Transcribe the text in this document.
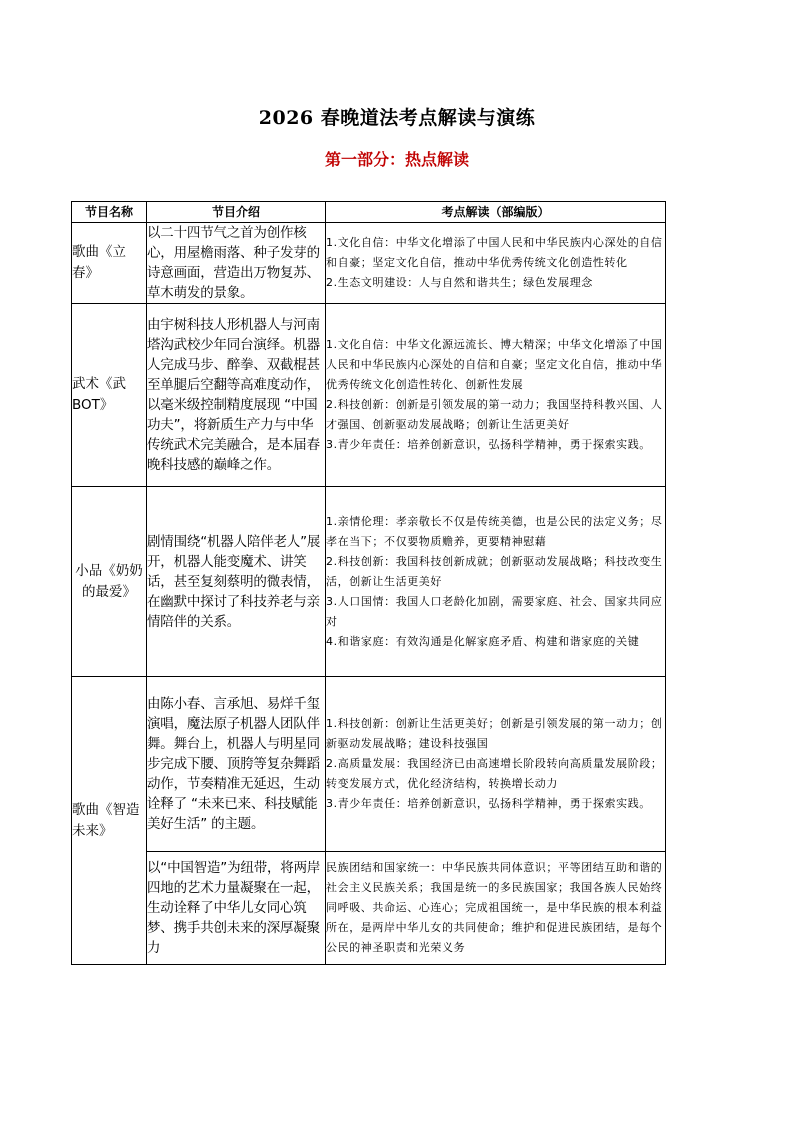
2026 春晚道法考点解读与演练
第一部分：热点解读
节目名称	节目介绍	考点解读（部编版）
歌曲《立春》	以二十四节气之首为创作核心，用屋檐雨落、种子发芽的诗意画面，营造出万物复苏、草木萌发的景象。	1.文化自信：中华文化增添了中国人民和中华民族内心深处的自信和自豪；坚定文化自信，推动中华优秀传统文化创造性转化

2.生态文明建设：人与自然和谐共生；绿色发展理念

武术《武BOT》	由宇树科技人形机器人与河南塔沟武校少年同台演绎。机器人完成马步、醉拳、双截棍甚至单腿后空翻等高难度动作，以毫米级控制精度展现 “中国功夫”，将新质生产力与中华传统武术完美融合，是本届春晚科技感的巅峰之作。	1.文化自信：中华文化源远流长、博大精深；中华文化增添了中国人民和中华民族内心深处的自信和自豪；坚定文化自信，推动中华优秀传统文化创造性转化、创新性发展

2.科技创新：创新是引领发展的第一动力；我国坚持科教兴国、人才强国、创新驱动发展战略；创新让生活更美好

3.青少年责任：培养创新意识，弘扬科学精神，勇于探索实践。

小品《奶奶的最爱》	剧情围绕“机器人陪伴老人”展开，机器人能变魔术、讲笑话，甚至复刻蔡明的微表情，在幽默中探讨了科技养老与亲情陪伴的关系。	1.亲情伦理：孝亲敬长不仅是传统美德，也是公民的法定义务；尽孝在当下；不仅要物质赡养，更要精神慰藉

2.科技创新：我国科技创新成就；创新驱动发展战略；科技改变生活，创新让生活更美好

3.人口国情：我国人口老龄化加剧，需要家庭、社会、国家共同应对

4.和谐家庭：有效沟通是化解家庭矛盾、构建和谐家庭的关键

歌曲《智造未来》	由陈小春、言承旭、易烊千玺演唱，魔法原子机器人团队伴舞。舞台上，机器人与明星同步完成下腰、顶胯等复杂舞蹈动作，节奏精准无延迟，生动诠释了 “未来已来、科技赋能美好生活” 的主题。	1.科技创新：创新让生活更美好；创新是引领发展的第一动力；创新驱动发展战略；建设科技强国

2.高质量发展：我国经济已由高速增长阶段转向高质量发展阶段；转变发展方式，优化经济结构，转换增长动力

3.青少年责任：培养创新意识，弘扬科学精神，勇于探索实践。

	以“中国智造”为纽带，将两岸四地的艺术力量凝聚在一起，生动诠释了中华儿女同心筑梦、携手共创未来的深厚凝聚力	民族团结和国家统一：中华民族共同体意识；平等团结互助和谐的社会主义民族关系；我国是统一的多民族国家；我国各族人民始终同呼吸、共命运、心连心；完成祖国统一，是中华民族的根本利益所在，是两岸中华儿女的共同使命；维护和促进民族团结，是每个公民的神圣职责和光荣义务
